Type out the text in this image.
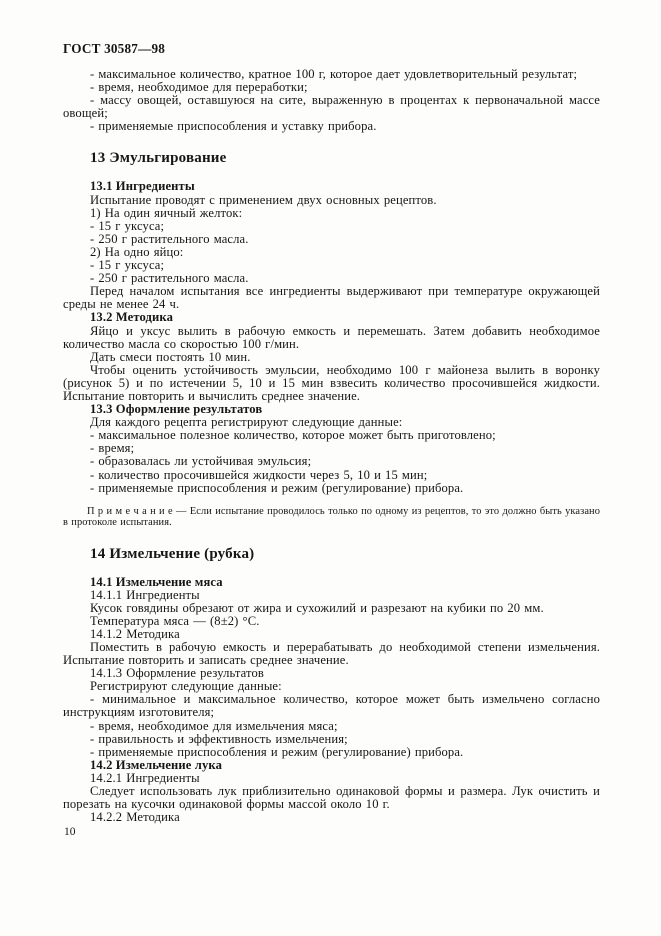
ГОСТ 30587—98

- максимальное количество, кратное 100 г, которое дает удовлетворительный результат;

- время, необходимое для переработки;

- массу овощей, оставшуюся на сите, выраженную в процентах к первоначальной массе овощей;

- применяемые приспособления и уставку прибора.

13 Эмульгирование

13.1 Ингредиенты

Испытание проводят с применением двух основных рецептов.

1) На один яичный желток:

- 15 г уксуса;

- 250 г растительного масла.

2) На одно яйцо:

- 15 г уксуса;

- 250 г растительного масла.

Перед началом испытания все ингредиенты выдерживают при температуре окружающей среды не менее 24 ч.

13.2 Методика

Яйцо и уксус вылить в рабочую емкость и перемешать. Затем добавить необходимое количество масла со скоростью 100 г/мин.

Дать смеси постоять 10 мин.

Чтобы оценить устойчивость эмульсии, необходимо 100 г майонеза вылить в воронку (рисунок 5) и по истечении 5, 10 и 15 мин взвесить количество просочившейся жидкости. Испытание повторить и вычислить среднее значение.

13.3 Оформление результатов

Для каждого рецепта регистрируют следующие данные:

- максимальное полезное количество, которое может быть приготовлено;

- время;

- образовалась ли устойчивая эмульсия;

- количество просочившейся жидкости через 5, 10 и 15 мин;

- применяемые приспособления и режим (регулирование) прибора.

П р и м е ч а н и е — Если испытание проводилось только по одному из рецептов, то это должно быть указано в протоколе испытания.

14 Измельчение (рубка)

14.1 Измельчение мяса

14.1.1 Ингредиенты

Кусок говядины обрезают от жира и сухожилий и разрезают на кубики по 20 мм.

Температура мяса — (8±2) °С.

14.1.2 Методика

Поместить в рабочую емкость и перерабатывать до необходимой степени измельчения. Испытание повторить и записать среднее значение.

14.1.3 Оформление результатов

Регистрируют следующие данные:

- минимальное и максимальное количество, которое может быть измельчено согласно инструкциям изготовителя;

- время, необходимое для измельчения мяса;

- правильность и эффективность измельчения;

- применяемые приспособления и режим (регулирование) прибора.

14.2 Измельчение лука

14.2.1 Ингредиенты

Следует использовать лук приблизительно одинаковой формы и размера. Лук очистить и порезать на кусочки одинаковой формы массой около 10 г.

14.2.2 Методика

10
